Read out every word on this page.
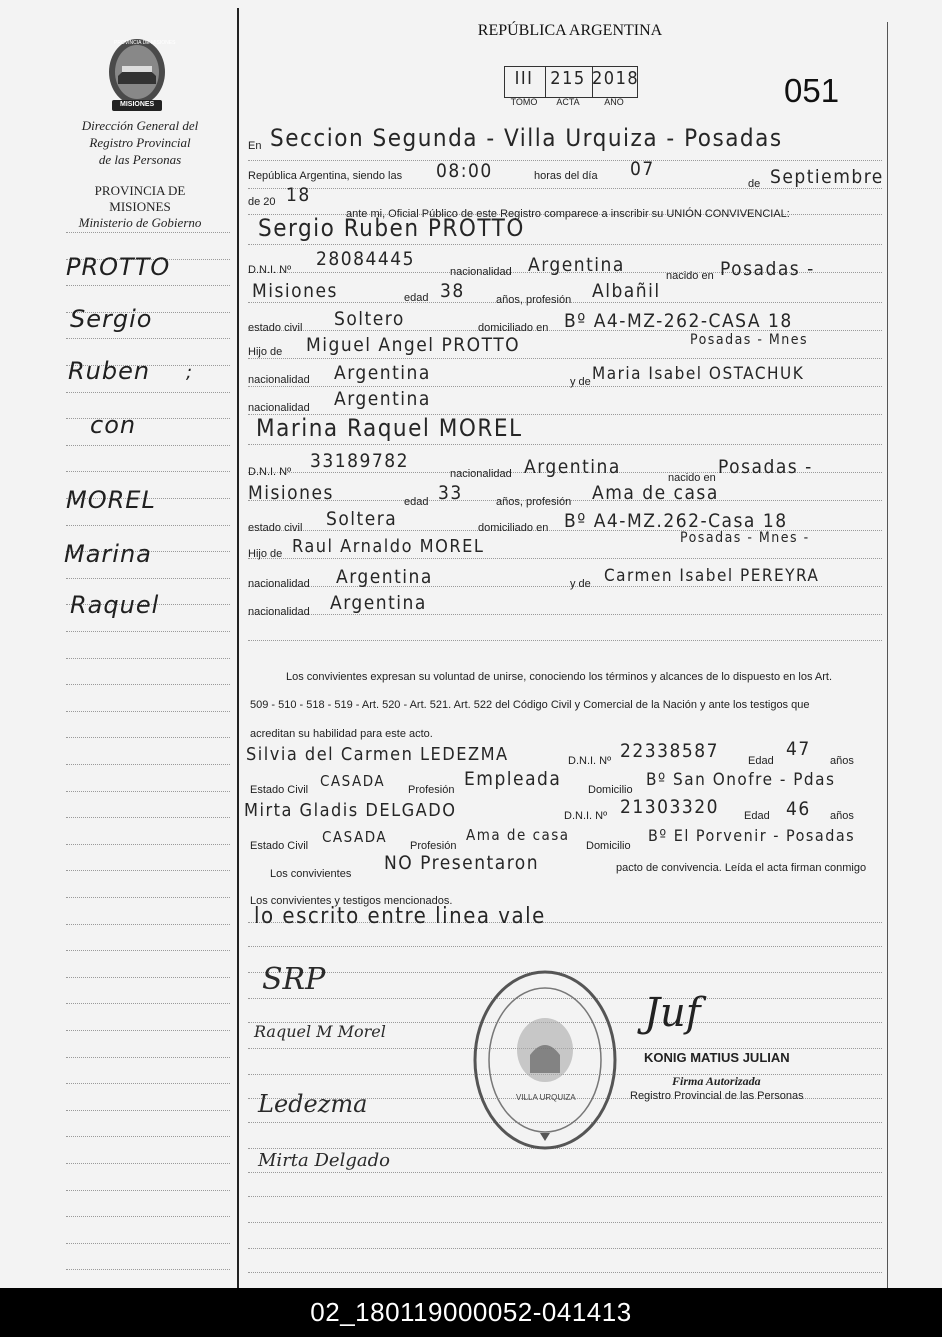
PROVINCIA DE MISIONES
MISIONES
Dirección General del
Registro Provincial
de las Personas
PROVINCIA DE
MISIONES
Ministerio de Gobierno
REPÚBLICA ARGENTINA
III 215 2018
TOMO	ACTA	AÑO	051
PROTTO
Sergio
Ruben ;
con
MOREL
Marina
Raquel
En Seccion Segunda - Villa Urquiza - Posadas
República Argentina, siendo las 08:00	horas del día 07
de Septiembre
de 20 18
ante mi, Oficial Público de este Registro comparece a inscribir su UNIÓN CONVIVENCIAL:
Sergio Ruben PROTTO
D.N.I. Nº 28084445
nacionalidad Argentina	nacido en Posadas -
Misiones	edad 38	años, profesión Albañil
estado civil Soltero	domiciliado en Bº A4-MZ-262-CASA 18
Posadas - Mnes
Hijo de Miguel Angel PROTTO
nacionalidad Argentina	y de Maria Isabel OSTACHUK
nacionalidad Argentina
Marina Raquel MOREL
D.N.I. Nº 33189782
nacionalidad Argentina	nacido en Posadas -
Misiones	edad 33	años, profesión Ama de casa
estado civil Soltera	domiciliado en Bº A4-MZ.262-Casa 18
Posadas - Mnes -
Hijo de Raul Arnaldo MOREL
nacionalidad Argentina	y de Carmen Isabel PEREYRA
nacionalidad Argentina
Los convivientes expresan su voluntad de unirse, conociendo los términos y alcances de lo dispuesto en los Art.
509 - 510 - 518 - 519 - Art. 520 - Art. 521. Art. 522 del Código Civil y Comercial de la Nación y ante los testigos que
acreditan su habilidad para este acto.
Silvia del Carmen LEDEZMA	D.N.I. Nº 22338587	Edad
47
años
Estado Civil CASADA Profesión Empleada Domicilio Bº San Onofre - Pdas
Mirta Gladis DELGADO	D.N.I. Nº 21303320 Edad 46 años
Estado Civil CASADA Profesión
Ama de casa
Domicilio
Bº El Porvenir - Posadas
Los convivientes NO Presentaron	pacto de convivencia. Leída el acta firman conmigo
Los convivientes y testigos mencionados.
lo escrito entre linea vale
SRP
Raquel M Morel
Ledezma
Mirta Delgado
VILLA URQUIZA
Juf
KONIG MATIUS JULIAN
Firma Autorizada
Registro Provincial de las Personas
02_180119000052-041413
